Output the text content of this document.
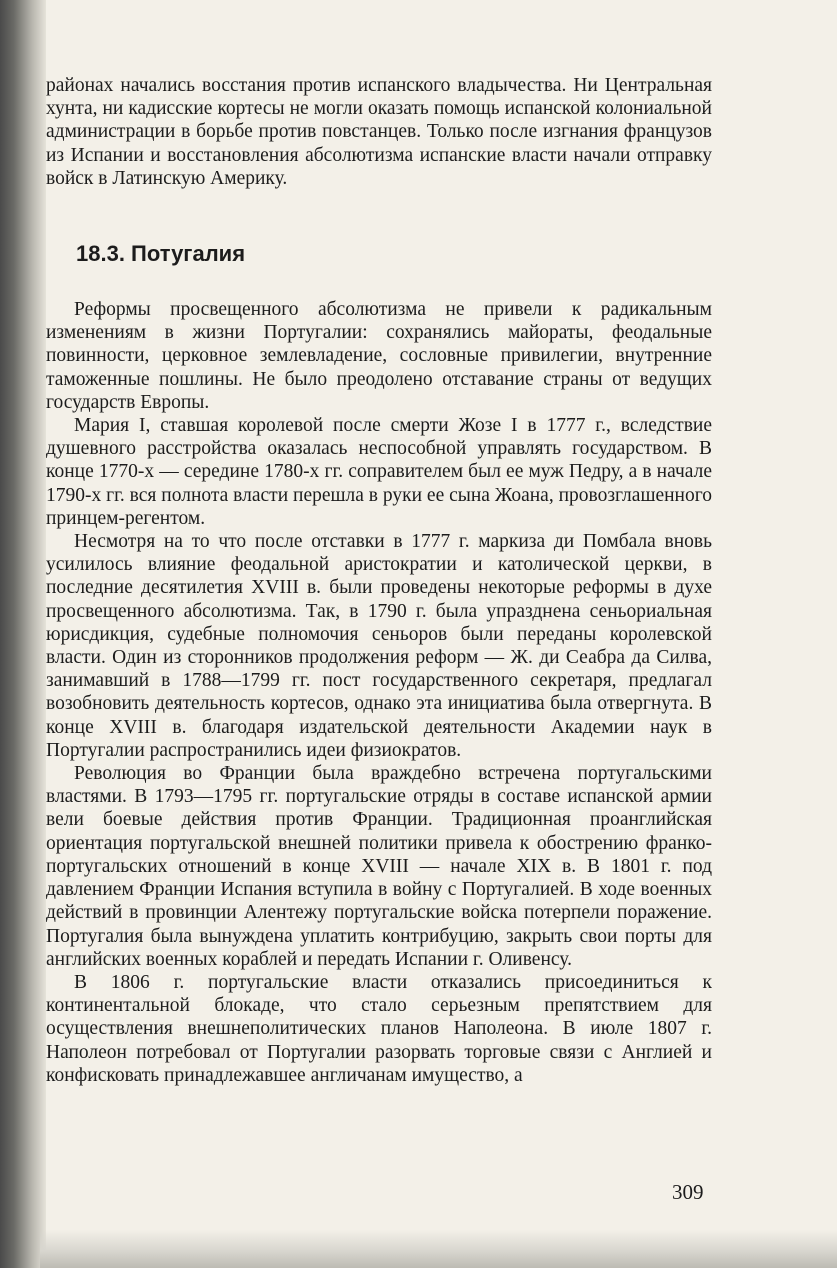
районах начались восстания против испанского владычества. Ни Центральная хунта, ни кадисские кортесы не могли оказать помощь испанской колониальной администрации в борьбе против повстанцев. Только после изгнания французов из Испании и восстановления абсолютизма испанские власти начали отправку войск в Латинскую Америку.

18.3. Потугалия

Реформы просвещенного абсолютизма не привели к радикальным изменениям в жизни Португалии: сохранялись майораты, феодальные повинности, церковное землевладение, сословные привилегии, внутренние таможенные пошлины. Не было преодолено отставание страны от ведущих государств Европы.

Мария I, ставшая королевой после смерти Жозе I в 1777 г., вследствие душевного расстройства оказалась неспособной управлять государством. В конце 1770-х — середине 1780-х гг. соправителем был ее муж Педру, а в начале 1790-х гг. вся полнота власти перешла в руки ее сына Жоана, провозглашенного принцем-регентом.

Несмотря на то что после отставки в 1777 г. маркиза ди Помбала вновь усилилось влияние феодальной аристократии и католической церкви, в последние десятилетия XVIII в. были проведены некоторые реформы в духе просвещенного абсолютизма. Так, в 1790 г. была упразднена сеньориальная юрисдикция, судебные полномочия сеньоров были переданы королевской власти. Один из сторонников продолжения реформ — Ж. ди Сеабра да Силва, занимавший в 1788—1799 гг. пост государственного секретаря, предлагал возобновить деятельность кортесов, однако эта инициатива была отвергнута. В конце XVIII в. благодаря издательской деятельности Академии наук в Португалии распространились идеи физиократов.

Революция во Франции была враждебно встречена португальскими властями. В 1793—1795 гг. португальские отряды в составе испанской армии вели боевые действия против Франции. Традиционная проанглийская ориентация португальской внешней политики привела к обострению франко-португальских отношений в конце XVIII — начале XIX в. В 1801 г. под давлением Франции Испания вступила в войну с Португалией. В ходе военных действий в провинции Алентежу португальские войска потерпели поражение. Португалия была вынуждена уплатить контрибуцию, закрыть свои порты для английских военных кораблей и передать Испании г. Оливенсу.

В 1806 г. португальские власти отказались присоединиться к континентальной блокаде, что стало серьезным препятствием для осуществления внешнеполитических планов Наполеона. В июле 1807 г. Наполеон потребовал от Португалии разорвать торговые связи с Англией и конфисковать принадлежавшее англичанам имущество, а

309
